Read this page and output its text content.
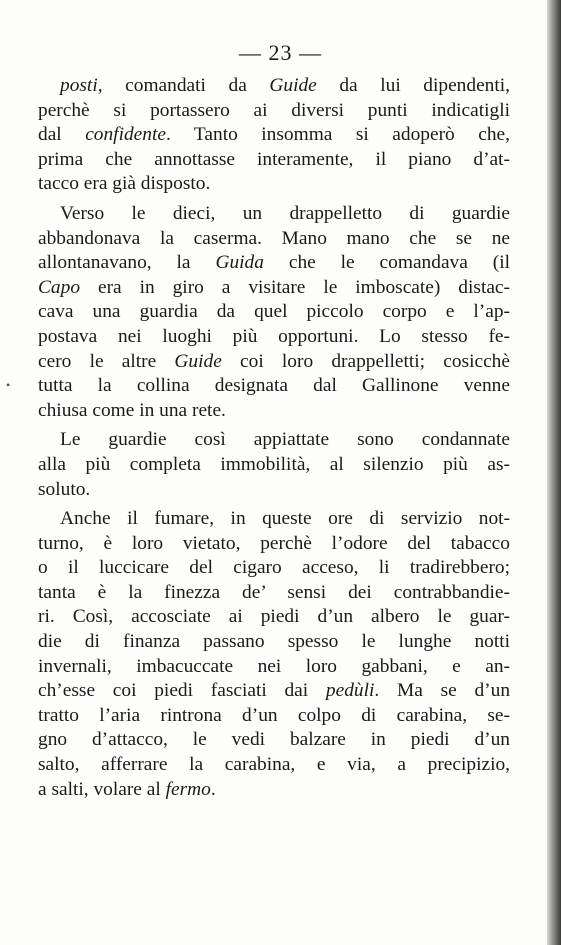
— 23 —
•
posti, comandati da Guide da lui dipendenti,
perchè si portassero ai diversi punti indicatigli
dal confidente. Tanto insomma si adoperò che,
prima che annottasse interamente, il piano d’at-
tacco era già disposto.
Verso le dieci, un drappelletto di guardie
abbandonava la caserma. Mano mano che se ne
allontanavano, la Guida che le comandava (il
Capo era in giro a visitare le imboscate) distac-
cava una guardia da quel piccolo corpo e l’ap-
postava nei luoghi più opportuni. Lo stesso fe-
cero le altre Guide coi loro drappelletti; cosicchè
tutta la collina designata dal Gallinone venne
chiusa come in una rete.
Le guardie così appiattate sono condannate
alla più completa immobilità, al silenzio più as-
soluto.
Anche il fumare, in queste ore di servizio not-
turno, è loro vietato, perchè l’odore del tabacco
o il luccicare del cigaro acceso, li tradirebbero;
tanta è la finezza de’ sensi dei contrabbandie-
ri. Così, accosciate ai piedi d’un albero le guar-
die di finanza passano spesso le lunghe notti
invernali, imbacuccate nei loro gabbani, e an-
ch’esse coi piedi fasciati dai pedùli. Ma se d’un
tratto l’aria rintrona d’un colpo di carabina, se-
gno d’attacco, le vedi balzare in piedi d’un
salto, afferrare la carabina, e via, a precipizio,
a salti, volare al fermo.
